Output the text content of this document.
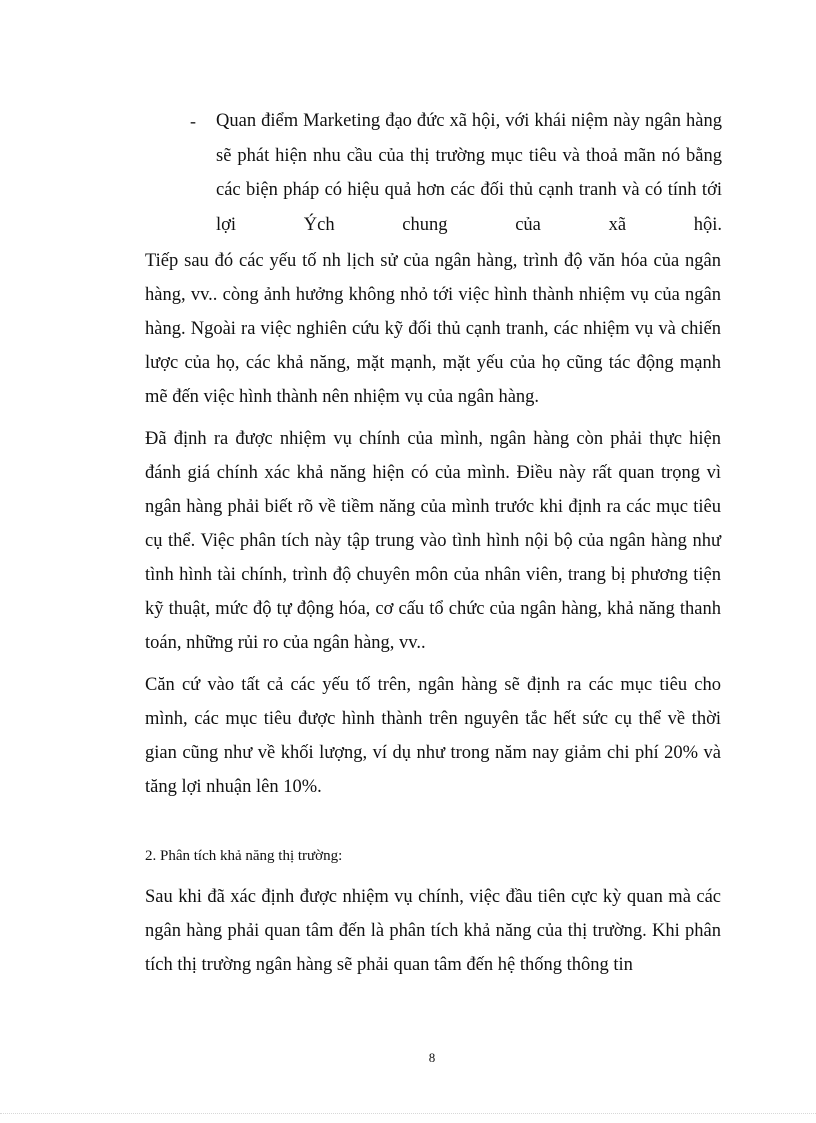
- Quan điểm Marketing đạo đức xã hội, với khái niệm này ngân hàng sẽ phát hiện nhu cầu của thị trường mục tiêu và thoả mãn nó bằng các biện pháp có hiệu quả hơn các đối thủ cạnh tranh và có tính tới lợi Ých chung của xã hội.

Tiếp sau đó các yếu tố nh lịch sử của ngân hàng, trình độ văn hóa của ngân hàng, vv.. còng ảnh hưởng không nhỏ tới việc hình thành nhiệm vụ của ngân hàng. Ngoài ra việc nghiên cứu kỹ đối thủ cạnh tranh, các nhiệm vụ và chiến lược của họ, các khả năng, mặt mạnh, mặt yếu của họ cũng tác động mạnh mẽ đến việc hình thành nên nhiệm vụ của ngân hàng.

Đã định ra được nhiệm vụ chính của mình, ngân hàng còn phải thực hiện đánh giá chính xác khả năng hiện có của mình. Điều này rất quan trọng vì ngân hàng phải biết rõ về tiềm năng của mình trước khi định ra các mục tiêu cụ thể. Việc phân tích này tập trung vào tình hình nội bộ của ngân hàng như tình hình tài chính, trình độ chuyên môn của nhân viên, trang bị phương tiện kỹ thuật, mức độ tự động hóa, cơ cấu tổ chức của ngân hàng, khả năng thanh toán, những rủi ro của ngân hàng, vv..

Căn cứ vào tất cả các yếu tố trên, ngân hàng sẽ định ra các mục tiêu cho mình, các mục tiêu được hình thành trên nguyên tắc hết sức cụ thể về thời gian cũng như về khối lượng, ví dụ như trong năm nay giảm chi phí 20% và tăng lợi nhuận lên 10%.

2. Phân tích khả năng thị trường:

Sau khi đã xác định được nhiệm vụ chính, việc đầu tiên cực kỳ quan mà các ngân hàng phải quan tâm đến là phân tích khả năng của thị trường. Khi phân tích thị trường ngân hàng sẽ phải quan tâm đến hệ thống thông tin

8
